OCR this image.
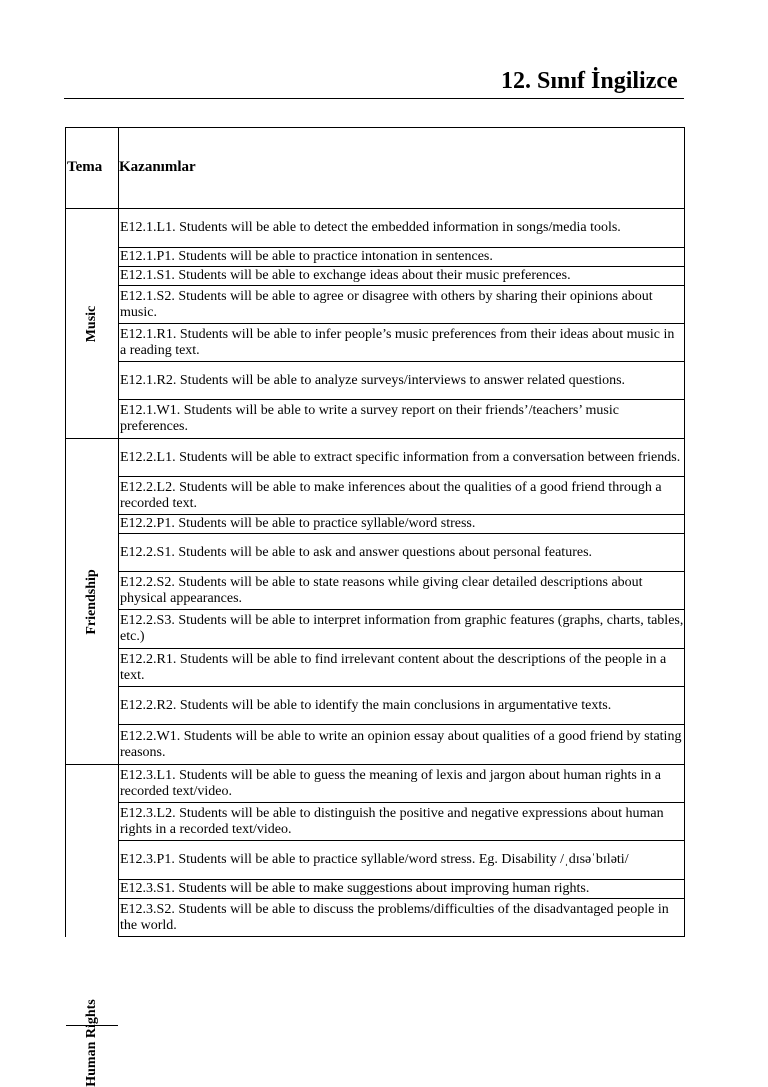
12. Sınıf İngilizce
Tema Kazanımlar
Music
Friendship
Human Rights
E12.1.L1. Students will be able to detect the embedded information in songs/media tools.
E12.1.P1. Students will be able to practice intonation in sentences.
E12.1.S1. Students will be able to exchange ideas about their music preferences.
E12.1.S2. Students will be able to agree or disagree with others by sharing their opinions about music.
E12.1.R1. Students will be able to infer people’s music preferences from their ideas about music in a reading text.
E12.1.R2. Students will be able to analyze surveys/interviews to answer related questions.
E12.1.W1. Students will be able to write a survey report on their friends’/teachers’ music preferences.
E12.2.L1. Students will be able to extract specific information from a conversation between friends.
E12.2.L2. Students will be able to make inferences about the qualities of a good friend through a recorded text.
E12.2.P1. Students will be able to practice syllable/word stress.
E12.2.S1. Students will be able to ask and answer questions about personal features.
E12.2.S2. Students will be able to state reasons while giving clear detailed descriptions about physical appearances.
E12.2.S3. Students will be able to interpret information from graphic features (graphs, charts, tables, etc.)
E12.2.R1. Students will be able to find irrelevant content about the descriptions of the people in a text.
E12.2.R2. Students will be able to identify the main conclusions in argumentative texts.
E12.2.W1. Students will be able to write an opinion essay about qualities of a good friend by stating reasons.
E12.3.L1. Students will be able to guess the meaning of lexis and jargon about human rights in a recorded text/video.
E12.3.L2. Students will be able to distinguish the positive and negative expressions about human rights in a recorded text/video.
E12.3.P1. Students will be able to practice syllable/word stress. Eg. Disability /ˌdɪsəˈbɪləti/
E12.3.S1. Students will be able to make suggestions about improving human rights.
E12.3.S2. Students will be able to discuss the problems/difficulties of the disadvantaged people in the world.
